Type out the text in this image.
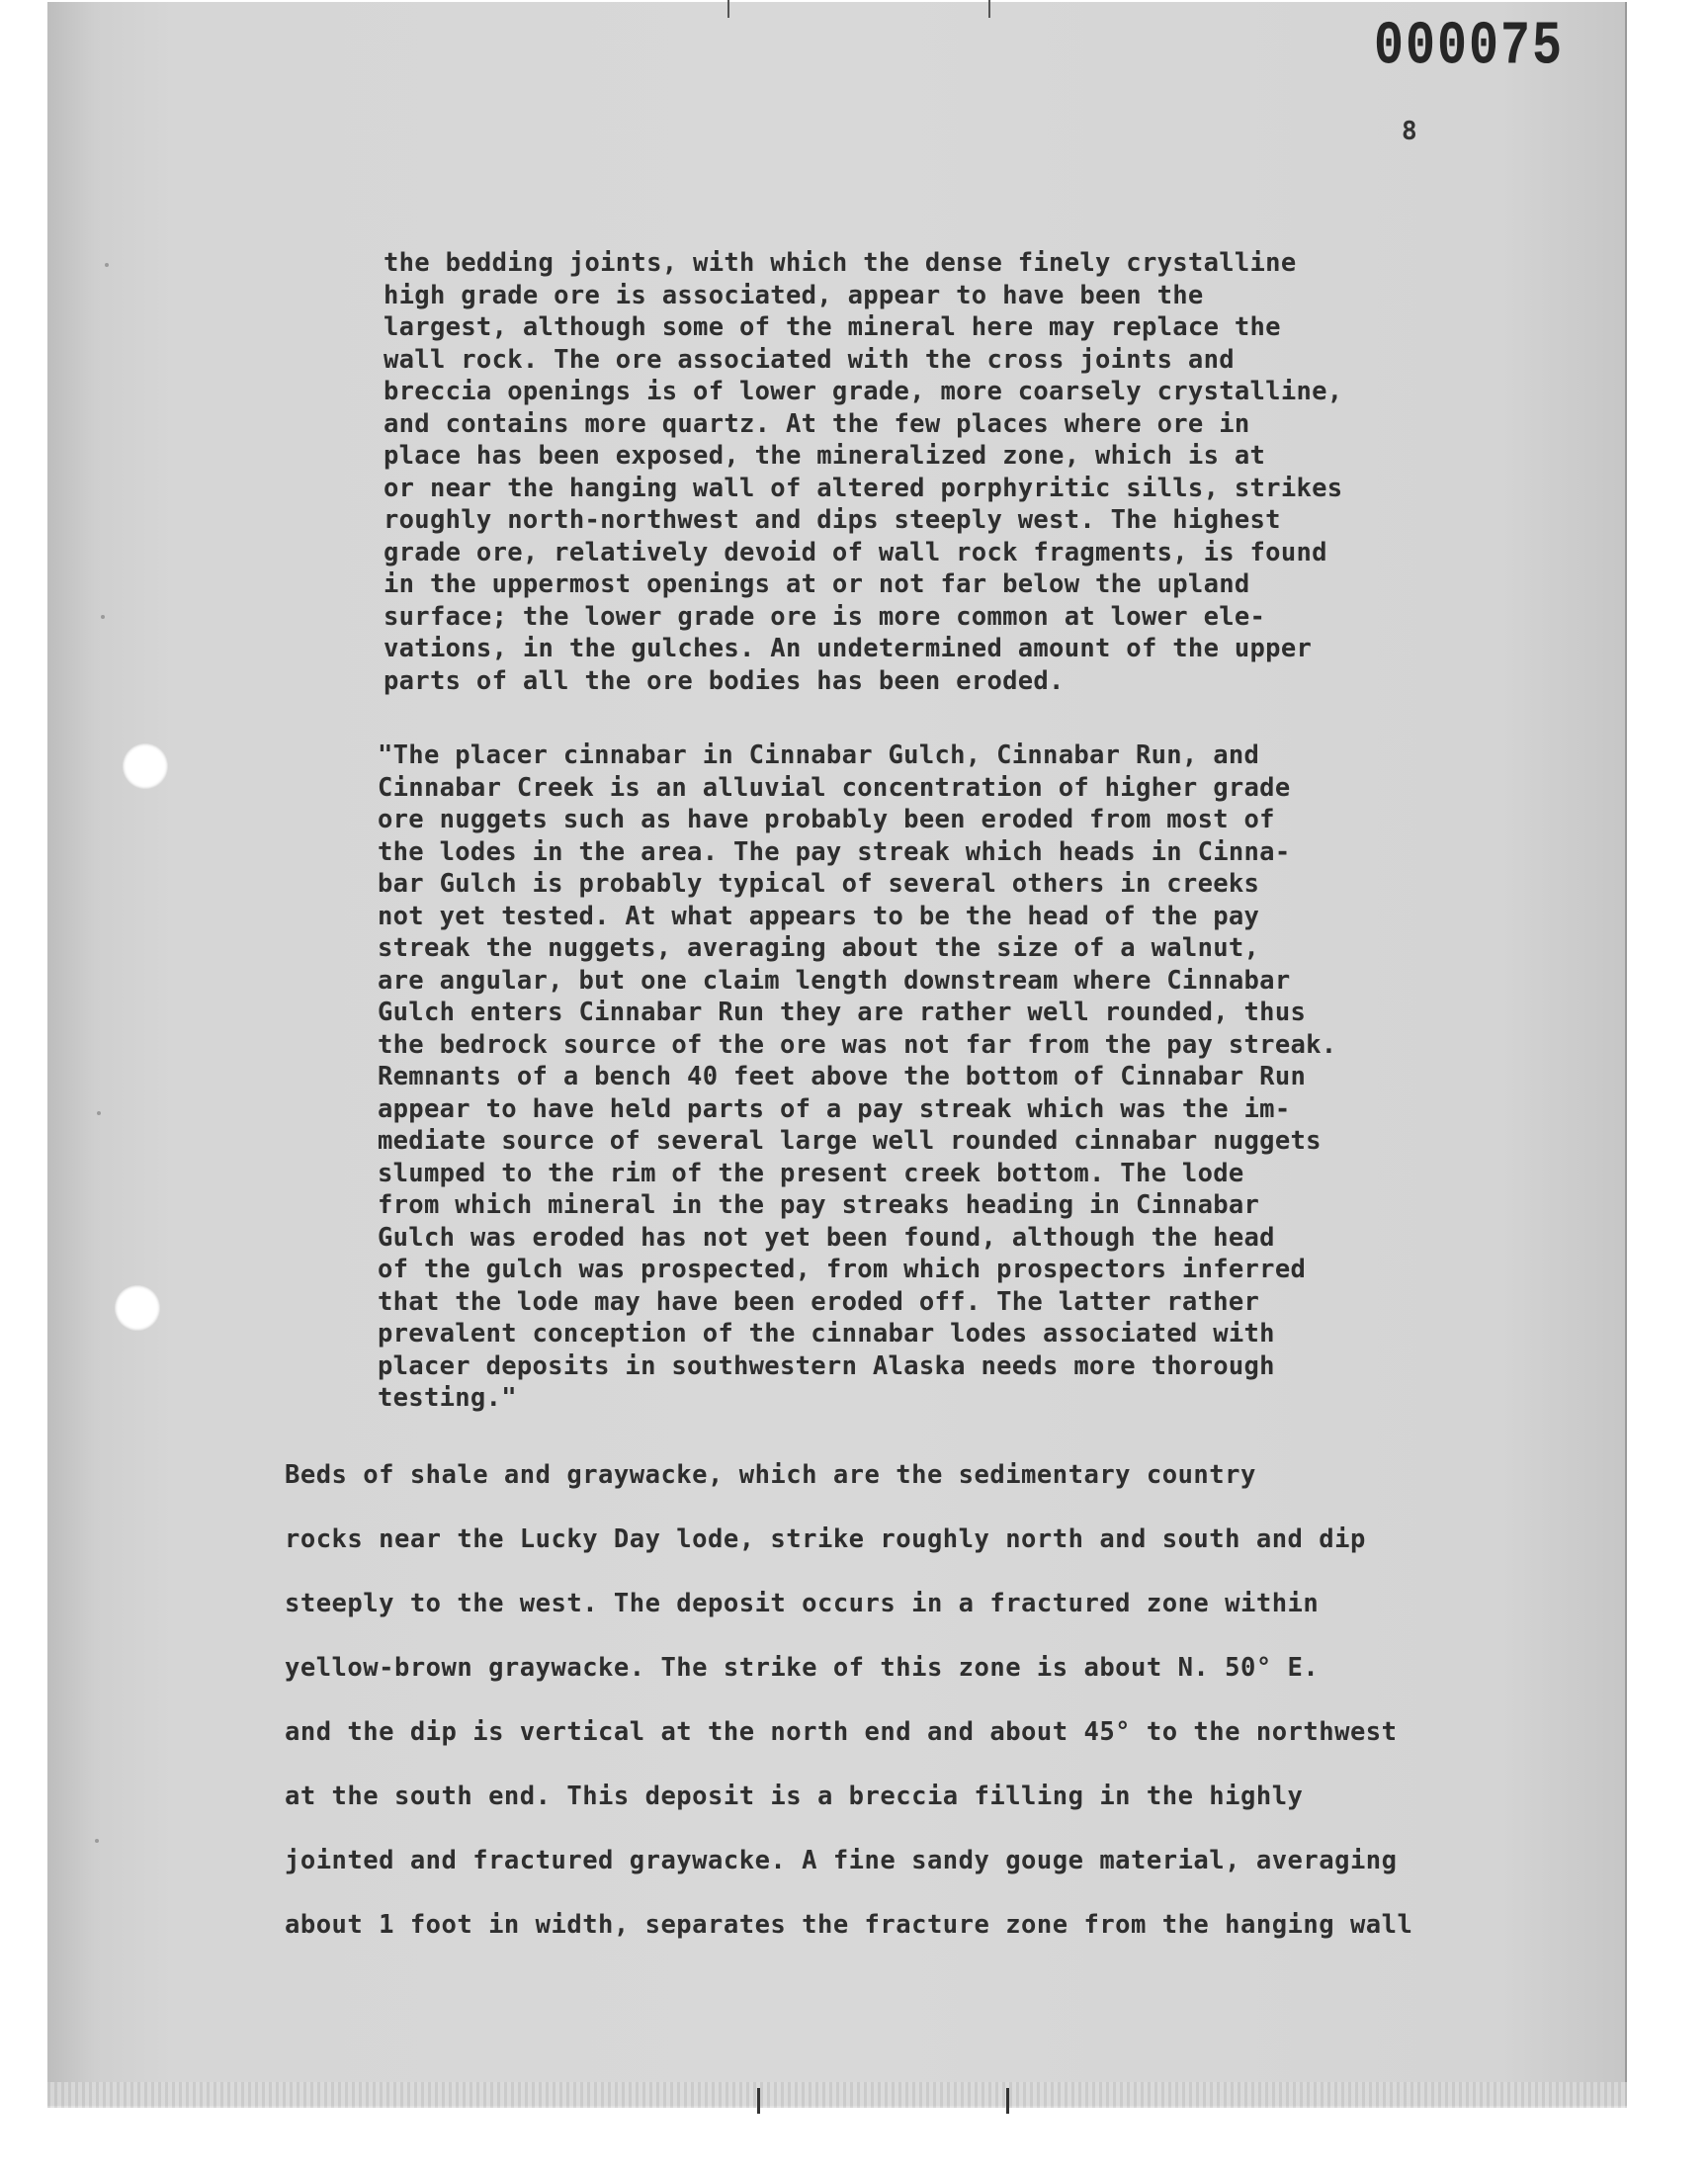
000075
8
the bedding joints, with which the dense finely crystalline
high grade ore is associated, appear to have been the
largest, although some of the mineral here may replace the
wall rock. The ore associated with the cross joints and
breccia openings is of lower grade, more coarsely crystalline,
and contains more quartz. At the few places where ore in
place has been exposed, the mineralized zone, which is at
or near the hanging wall of altered porphyritic sills, strikes
roughly north-northwest and dips steeply west. The highest
grade ore, relatively devoid of wall rock fragments, is found
in the uppermost openings at or not far below the upland
surface; the lower grade ore is more common at lower ele-
vations, in the gulches. An undetermined amount of the upper
parts of all the ore bodies has been eroded.
"The placer cinnabar in Cinnabar Gulch, Cinnabar Run, and
Cinnabar Creek is an alluvial concentration of higher grade
ore nuggets such as have probably been eroded from most of
the lodes in the area. The pay streak which heads in Cinna-
bar Gulch is probably typical of several others in creeks
not yet tested. At what appears to be the head of the pay
streak the nuggets, averaging about the size of a walnut,
are angular, but one claim length downstream where Cinnabar
Gulch enters Cinnabar Run they are rather well rounded, thus
the bedrock source of the ore was not far from the pay streak.
Remnants of a bench 40 feet above the bottom of Cinnabar Run
appear to have held parts of a pay streak which was the im-
mediate source of several large well rounded cinnabar nuggets
slumped to the rim of the present creek bottom. The lode
from which mineral in the pay streaks heading in Cinnabar
Gulch was eroded has not yet been found, although the head
of the gulch was prospected, from which prospectors inferred
that the lode may have been eroded off. The latter rather
prevalent conception of the cinnabar lodes associated with
placer deposits in southwestern Alaska needs more thorough
testing."
Beds of shale and graywacke, which are the sedimentary country
rocks near the Lucky Day lode, strike roughly north and south and dip
steeply to the west. The deposit occurs in a fractured zone within
yellow-brown graywacke. The strike of this zone is about N. 50° E.
and the dip is vertical at the north end and about 45° to the northwest
at the south end. This deposit is a breccia filling in the highly
jointed and fractured graywacke. A fine sandy gouge material, averaging
about 1 foot in width, separates the fracture zone from the hanging wall
